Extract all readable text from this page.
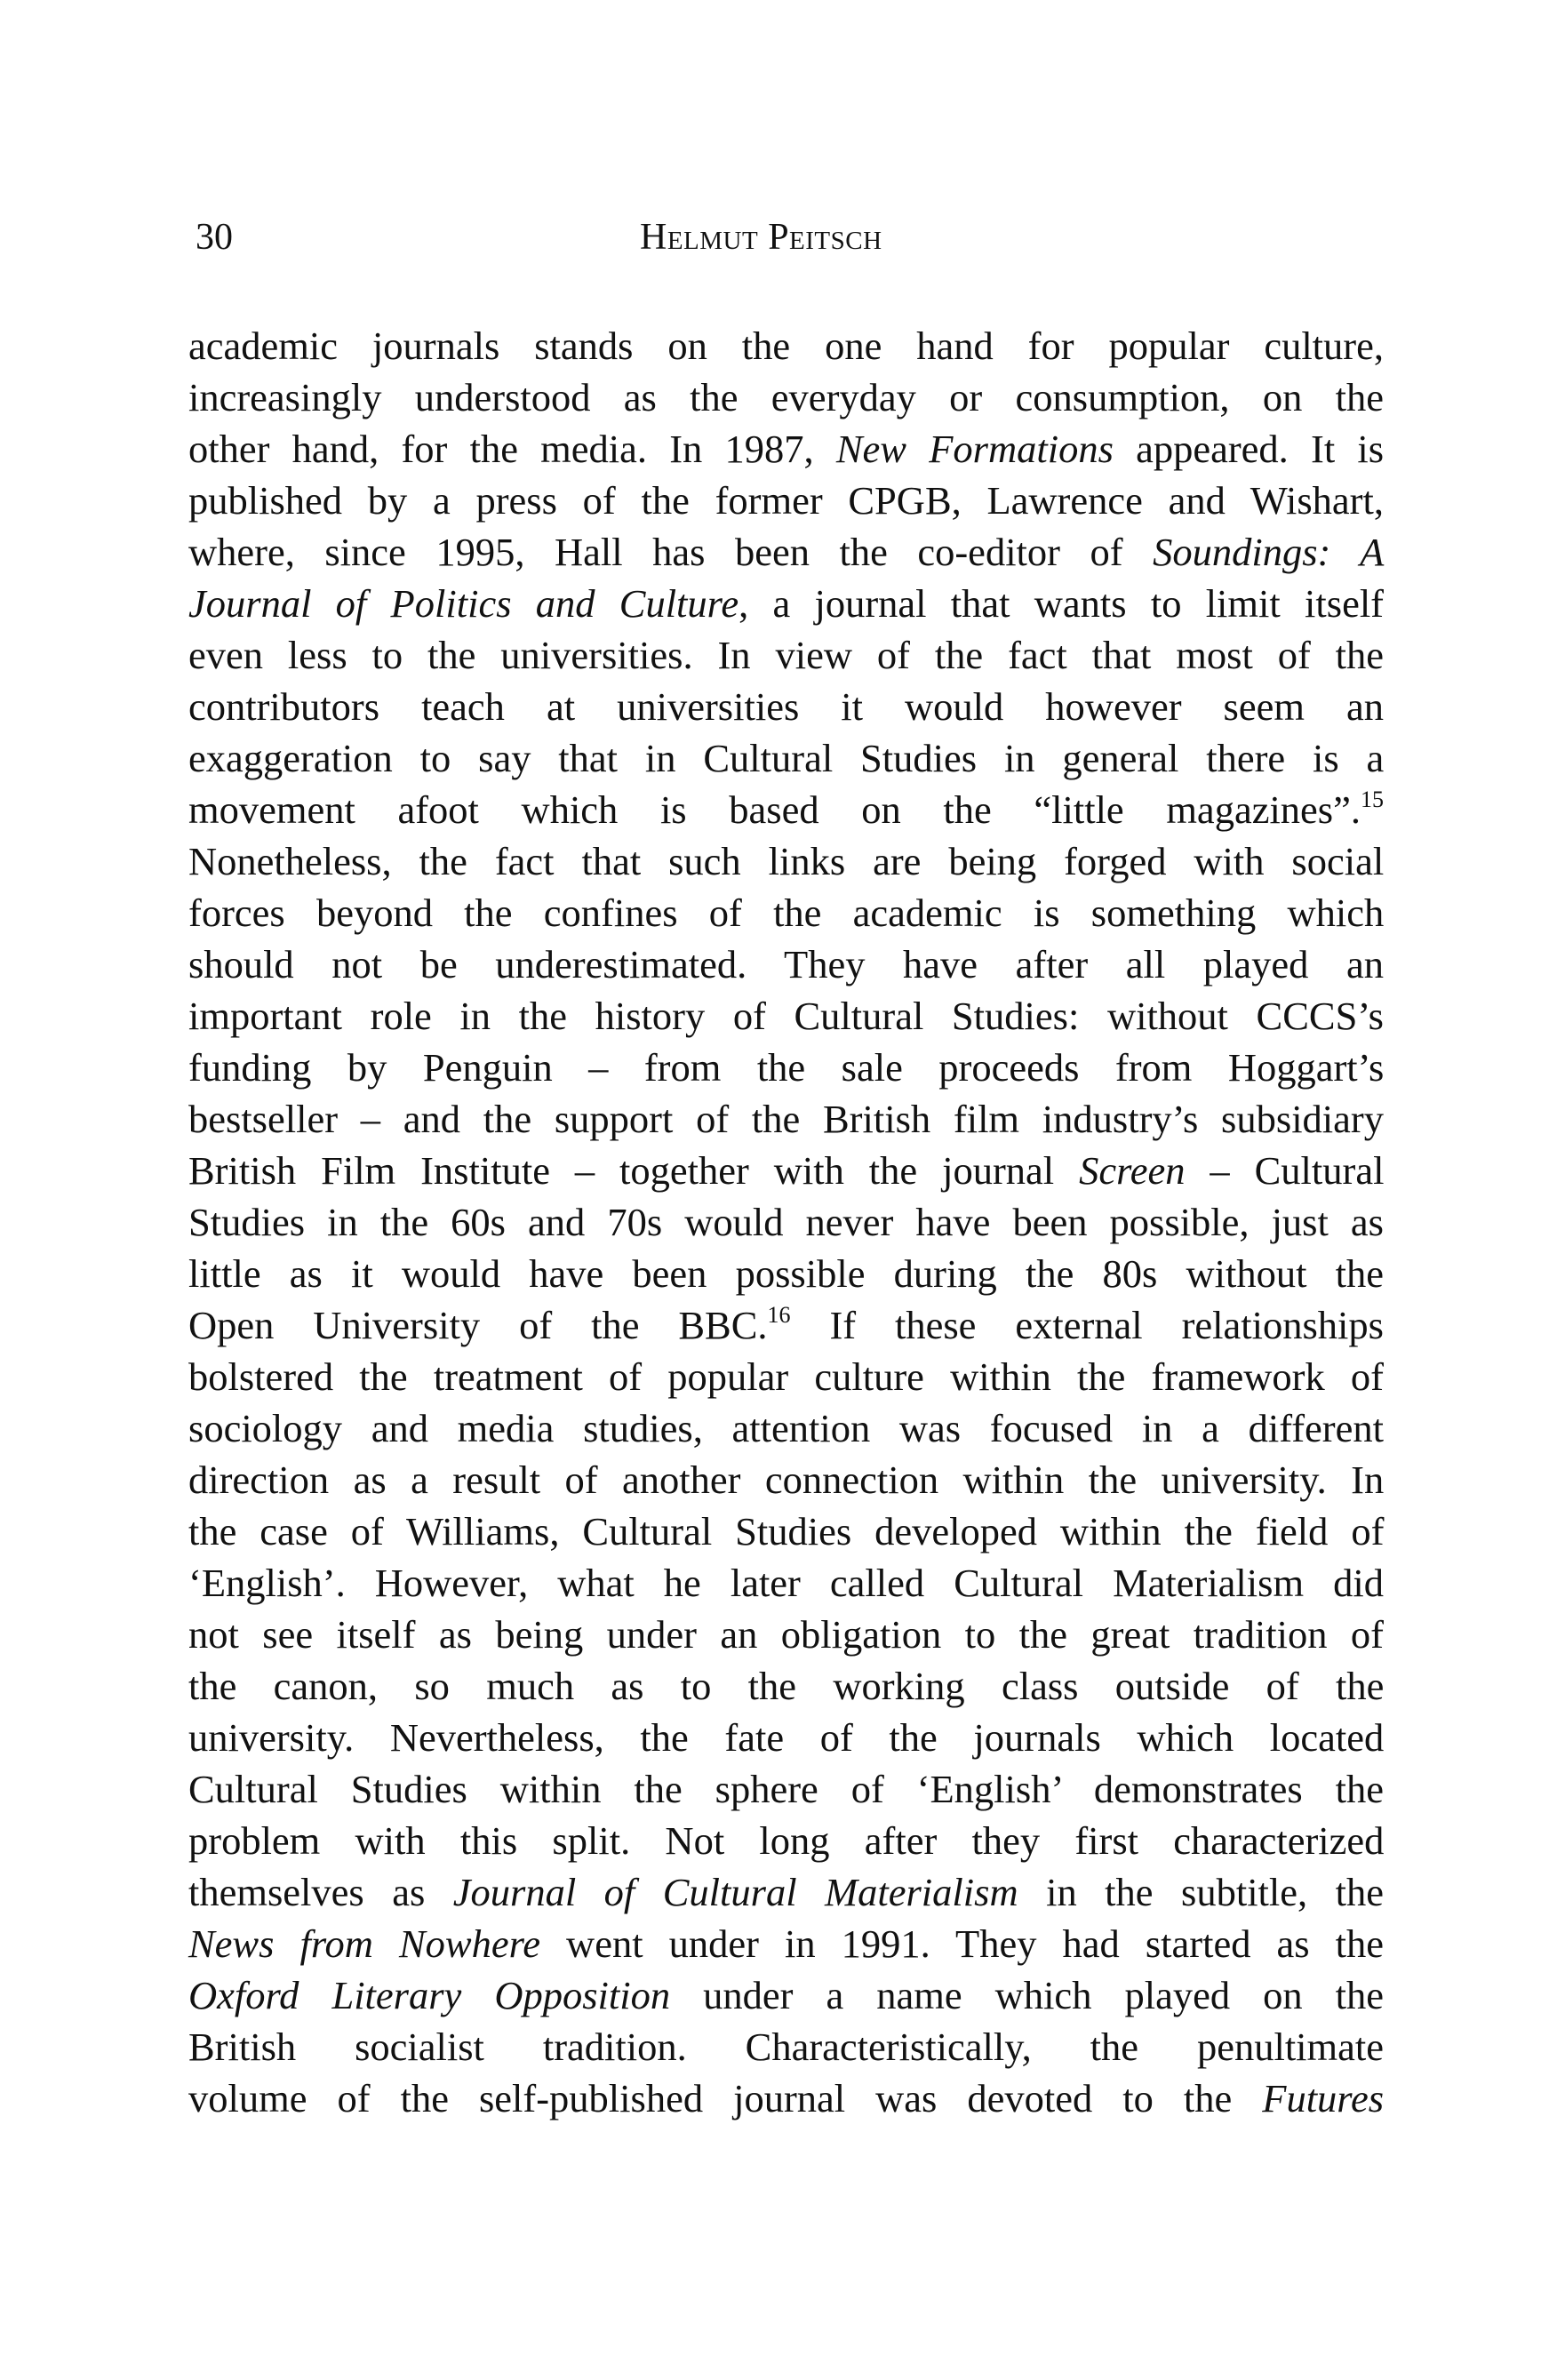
30	Helmut Peitsch
academic journals stands on the one hand for popular culture,
increasingly understood as the everyday or consumption, on the
other hand, for the media. In 1987, New Formations appeared. It is
published by a press of the former CPGB, Lawrence and Wishart,
where, since 1995, Hall has been the co-editor of Soundings: A
Journal of Politics and Culture, a journal that wants to limit itself
even less to the universities. In view of the fact that most of the
contributors teach at universities it would however seem an
exaggeration to say that in Cultural Studies in general there is a
movement afoot which is based on the “little magazines”.$^{15}$
Nonetheless, the fact that such links are being forged with social
forces beyond the confines of the academic is something which
should not be underestimated. They have after all played an
important role in the history of Cultural Studies: without CCCS’s
funding by Penguin – from the sale proceeds from Hoggart’s
bestseller – and the support of the British film industry’s subsidiary
British Film Institute – together with the journal Screen – Cultural
Studies in the 60s and 70s would never have been possible, just as
little as it would have been possible during the 80s without the
Open University of the BBC.$^{16}$ If these external relationships
bolstered the treatment of popular culture within the framework of
sociology and media studies, attention was focused in a different
direction as a result of another connection within the university. In
the case of Williams, Cultural Studies developed within the field of
‘English’. However, what he later called Cultural Materialism did
not see itself as being under an obligation to the great tradition of
the canon, so much as to the working class outside of the
university. Nevertheless, the fate of the journals which located
Cultural Studies within the sphere of ‘English’ demonstrates the
problem with this split. Not long after they first characterized
themselves as Journal of Cultural Materialism in the subtitle, the
News from Nowhere went under in 1991. They had started as the
Oxford Literary Opposition under a name which played on the
British socialist tradition. Characteristically, the penultimate
volume of the self-published journal was devoted to the Futures
